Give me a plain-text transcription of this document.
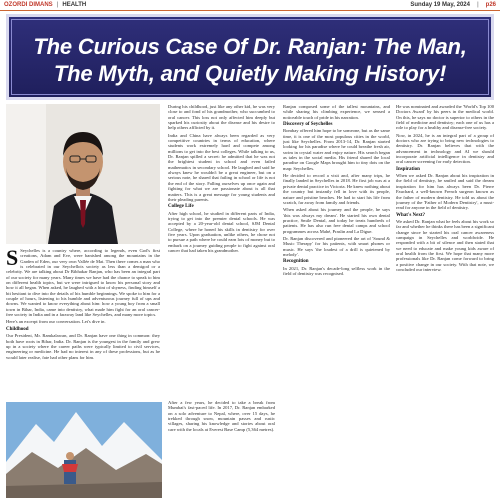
OZORDI DIMANS | HEALTH	Sunday 19 May, 2024 | p26
The Curious Case Of Dr. Ranjan: The Man,
The Myth, and Quietly Making History!

S Seychelles is a country where, according to legends, even God's first creations, Adam and Eve, were banished among the mountains in the Garden of Eden, our very own Vallée de Mai. Then there comes a man who is celebrated in our Seychellois society as less than a demigod or a celebrity. We are talking about Dr Bibhakar Ranjan, who has been an integral part of our society for many years. Many times we have had the chance to speak to him on different health topics, but we were intrigued to know his personal story and how it all began. When asked, he laughed with a hint of shyness, finding himself a bit hesitant to dive into the details of his humble beginnings. We spoke to him for a couple of hours, listening to his humble and adventurous journey full of ups and downs. We wanted to know everything about him: how a young boy from a small town in Bihar, India, came into dentistry, what made him fight for an oral cancer-free society in India and in a faraway land like Seychelles, and many more topics.

Here's an excerpt from our conversation. Let's dive in.

Childhood

Our President, Mr. Ramkalawan, and Dr. Ranjan have one thing in common: they both have roots in Bihar, India. Dr. Ranjan is the youngest in the family and grew up in a society where the career paths were typically limited to civil services, engineering or medicine. He had no interest in any of these professions, but as he would later realise, fate had other plans for him.

During his childhood, just like any other kid, he was very close to and fond of his grandmother, who succumbed to oral cancer. This loss not only affected him deeply but sparked his curiosity about the disease and his desire to help others afflicted by it.

India and China have always been regarded as very competitive countries in terms of education, where students work extremely hard and compete among millions to get into the best colleges. While talking to us, Dr. Ranjan spilled a secret: he admitted that he was not the brightest student in school and even failed mathematics in secondary school. He laughed and said he always knew he wouldn't be a great engineer, but on a serious note, he shared that failing in school or life is not the end of the story. Falling ourselves up once again and fighting for what we are passionate about is all that matters. This is a great message for young students and their pleading parents.

College Life

After high school, he studied in different parts of India, trying to get into the premier dental schools. He was accepted by a 20-year-old dental school, SJM Dental College, where he honed his skills in dentistry for over five years. Upon graduation, unlike others, he chose not to pursue a path where he could earn lots of money but to embark on a journey guiding people to fight against oral cancer that had taken his grandmother.

After a few years, he decided to take a break from Mumbai's fast-paced life. In 2017, Dr. Ranjan embarked on a solo adventure to Nepal, where, over 15 days, he trekked through snow, mountain passes and rustic villages, sharing his knowledge and stories about oral care with the locals at Everest Base Camp (5,364 metres).

Ranjan composed some of the tallest mountains, and while sharing his climbing experience, we sensed a noticeable touch of pride in his narration.

Discovery of Seychelles

Bombay offered him hope to be someone, but as the same time, it is one of the most populous cities in the world, just like Seychelles. From 2013-14, Dr. Ranjan started looking for his paradise where he could breathe fresh air, swim in crystal water and enjoy nature. His search began as tales in the social media. His friend shared the local paradise on Google Maps brought him to tiny dots on the map: Seychelles.

He decided to record a visit and, after many trips, he finally landed in Seychelles in 2018. He first job was at a private dental practice in Victoria. He knew nothing about the country but instantly fell in love with its people, nature and pristine beaches. He had to start his life from scratch, far away from family and friends.

When asked about his journey and the people, he says 'this was always my dream'. He started his own dental practice, Smile Dental, and today he treats hundreds of patients. He has also run free dental camps and school programmes across Mahé, Praslin and La Digue.

Dr. Ranjan discovered and pioneered the art of 'Sound & Music Therapy' for his patients, with smart phones or music. He says 'the loudest of a drill is quietened by melody'.

Recognition

In 2021, Dr. Ranjan's decade-long selfless work in the field of dentistry was recognised.

He was nominated and awarded the 'World's Top 100 Doctors Award' by his peers in the medical world. On this, he says no doctor is superior to others in the field of medicine and dentistry; each one of us has a role to play for a healthy and disease-free society.

Now, in 2024, he is an integral part of a group of doctors who are trying to bring new technologies to dentistry. Dr. Ranjan believes that with the advancement in technology and AI we should incorporate artificial intelligence in dentistry and oral cancer screening for early detection.

Inspiration

When we asked Dr. Ranjan about his inspiration in the field of dentistry, he smiled and said the dream inspiration for him has always been Dr. Pierre Fauchard, a well-known French surgeon known as the father of modern dentistry. He told us about the journey of the 'Father of Modern Dentistry', a must-read for anyone in the field of dentistry.

What's Next?

We asked Dr. Ranjan what he feels about his work so far and whether he thinks there has been a significant change since he started his oral cancer awareness campaign in Seychelles and worldwide. He responded with a bit of silence and then stated that we need to educate and make young kids aware of oral health from the first. We hope that many more professionals like Dr. Ranjan come forward to bring a positive change in our society. With that note, we concluded our interview.
